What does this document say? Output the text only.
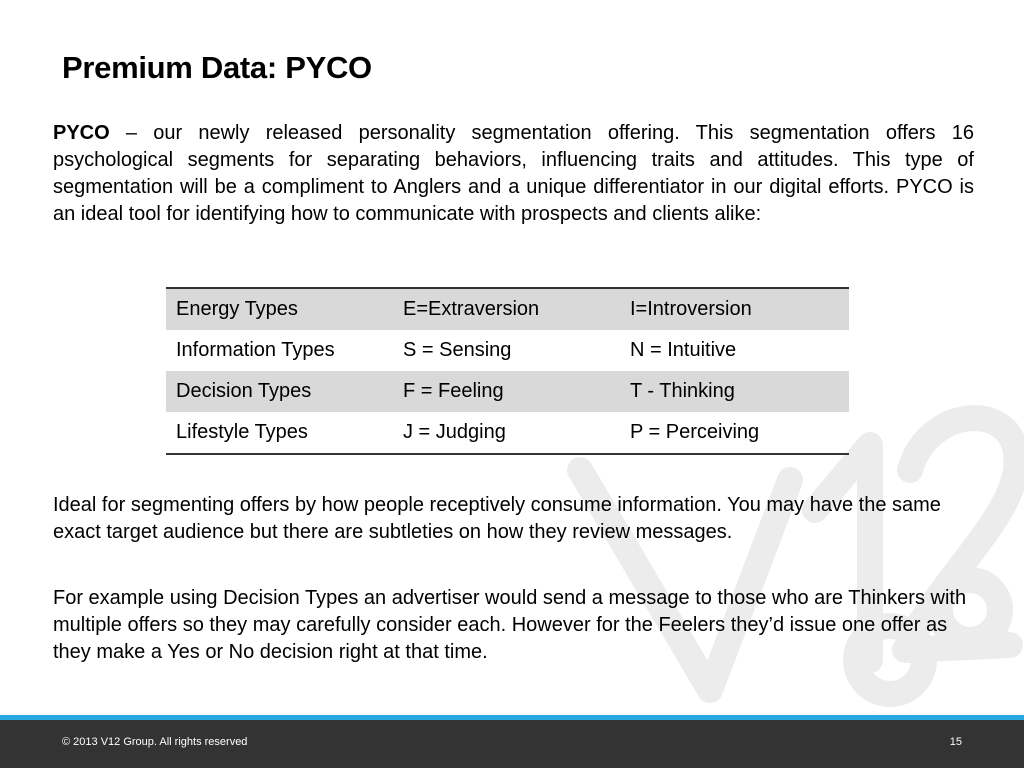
Premium Data: PYCO

PYCO – our newly released personality segmentation offering. This segmentation offers 16 psychological segments for separating behaviors, influencing traits and attitudes. This type of segmentation will be a compliment to Anglers and a unique differentiator in our digital efforts. PYCO is an ideal tool for identifying how to communicate with prospects and clients alike:

Energy Types	E=Extraversion	I=Introversion
Information Types	S = Sensing	N = Intuitive
Decision Types	F = Feeling	T - Thinking
Lifestyle Types	J = Judging	P = Perceiving

Ideal for segmenting offers by how people receptively consume information. You may have the same exact target audience but there are subtleties on how they review messages.

For example using Decision Types an advertiser would send a message to those who are Thinkers with multiple offers so they may carefully consider each. However for the Feelers they’d issue one offer as they make a Yes or No decision right at that time.

© 2013 V12 Group. All rights reserved	15
